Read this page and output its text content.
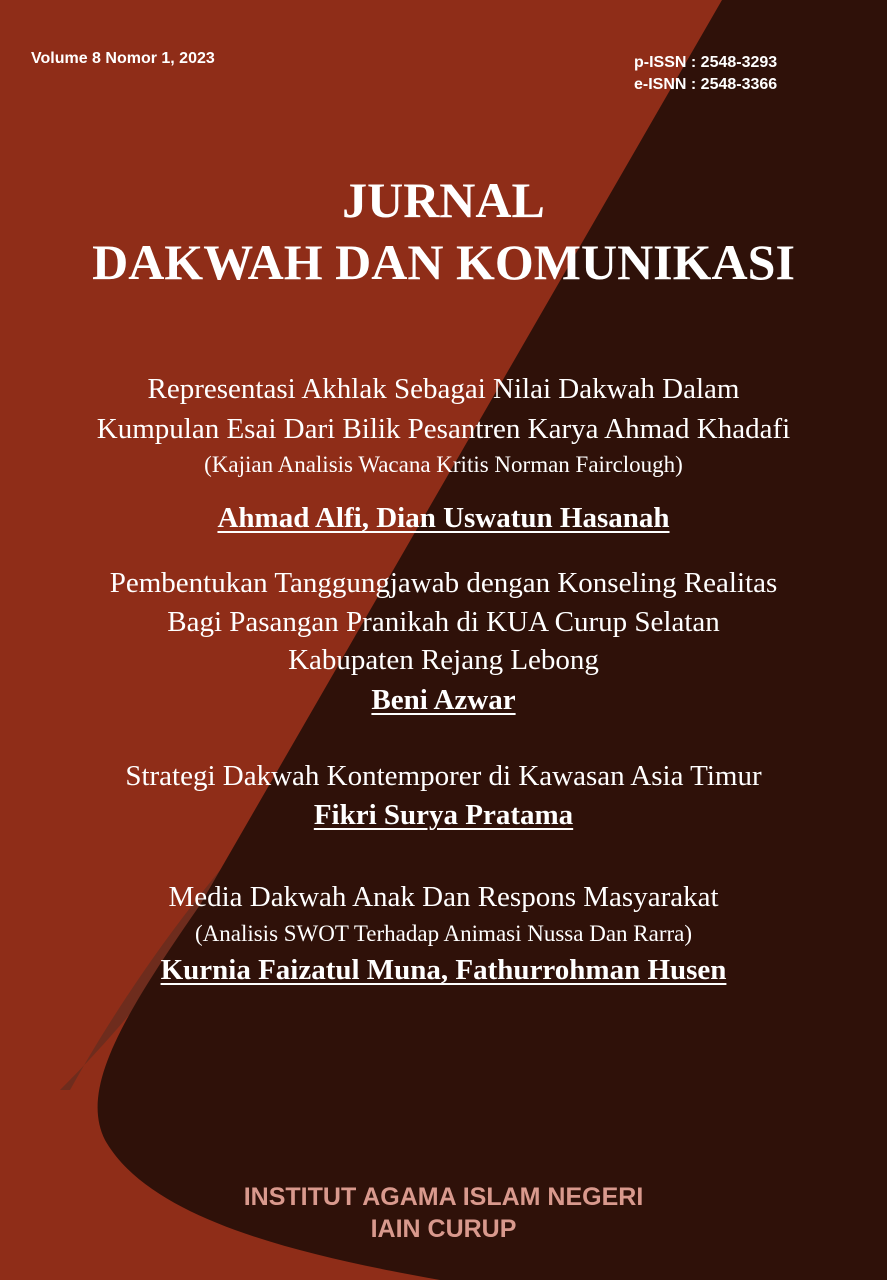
Volume 8 Nomor 1, 2023	p-ISSN : 2548-3293
e-ISNN : 2548-3366
JURNAL
DAKWAH DAN KOMUNIKASI
Representasi Akhlak Sebagai Nilai Dakwah Dalam
Kumpulan Esai Dari Bilik Pesantren Karya Ahmad Khadafi
(Kajian Analisis Wacana Kritis Norman Fairclough)
Ahmad Alfi, Dian Uswatun Hasanah
Pembentukan Tanggungjawab dengan Konseling Realitas
Bagi Pasangan Pranikah di KUA Curup Selatan
Kabupaten Rejang Lebong
Beni Azwar
Strategi Dakwah Kontemporer di Kawasan Asia Timur
Fikri Surya Pratama
Media Dakwah Anak Dan Respons Masyarakat
(Analisis SWOT Terhadap Animasi Nussa Dan Rarra)
Kurnia Faizatul Muna, Fathurrohman Husen
INSTITUT AGAMA ISLAM NEGERI
IAIN CURUP
